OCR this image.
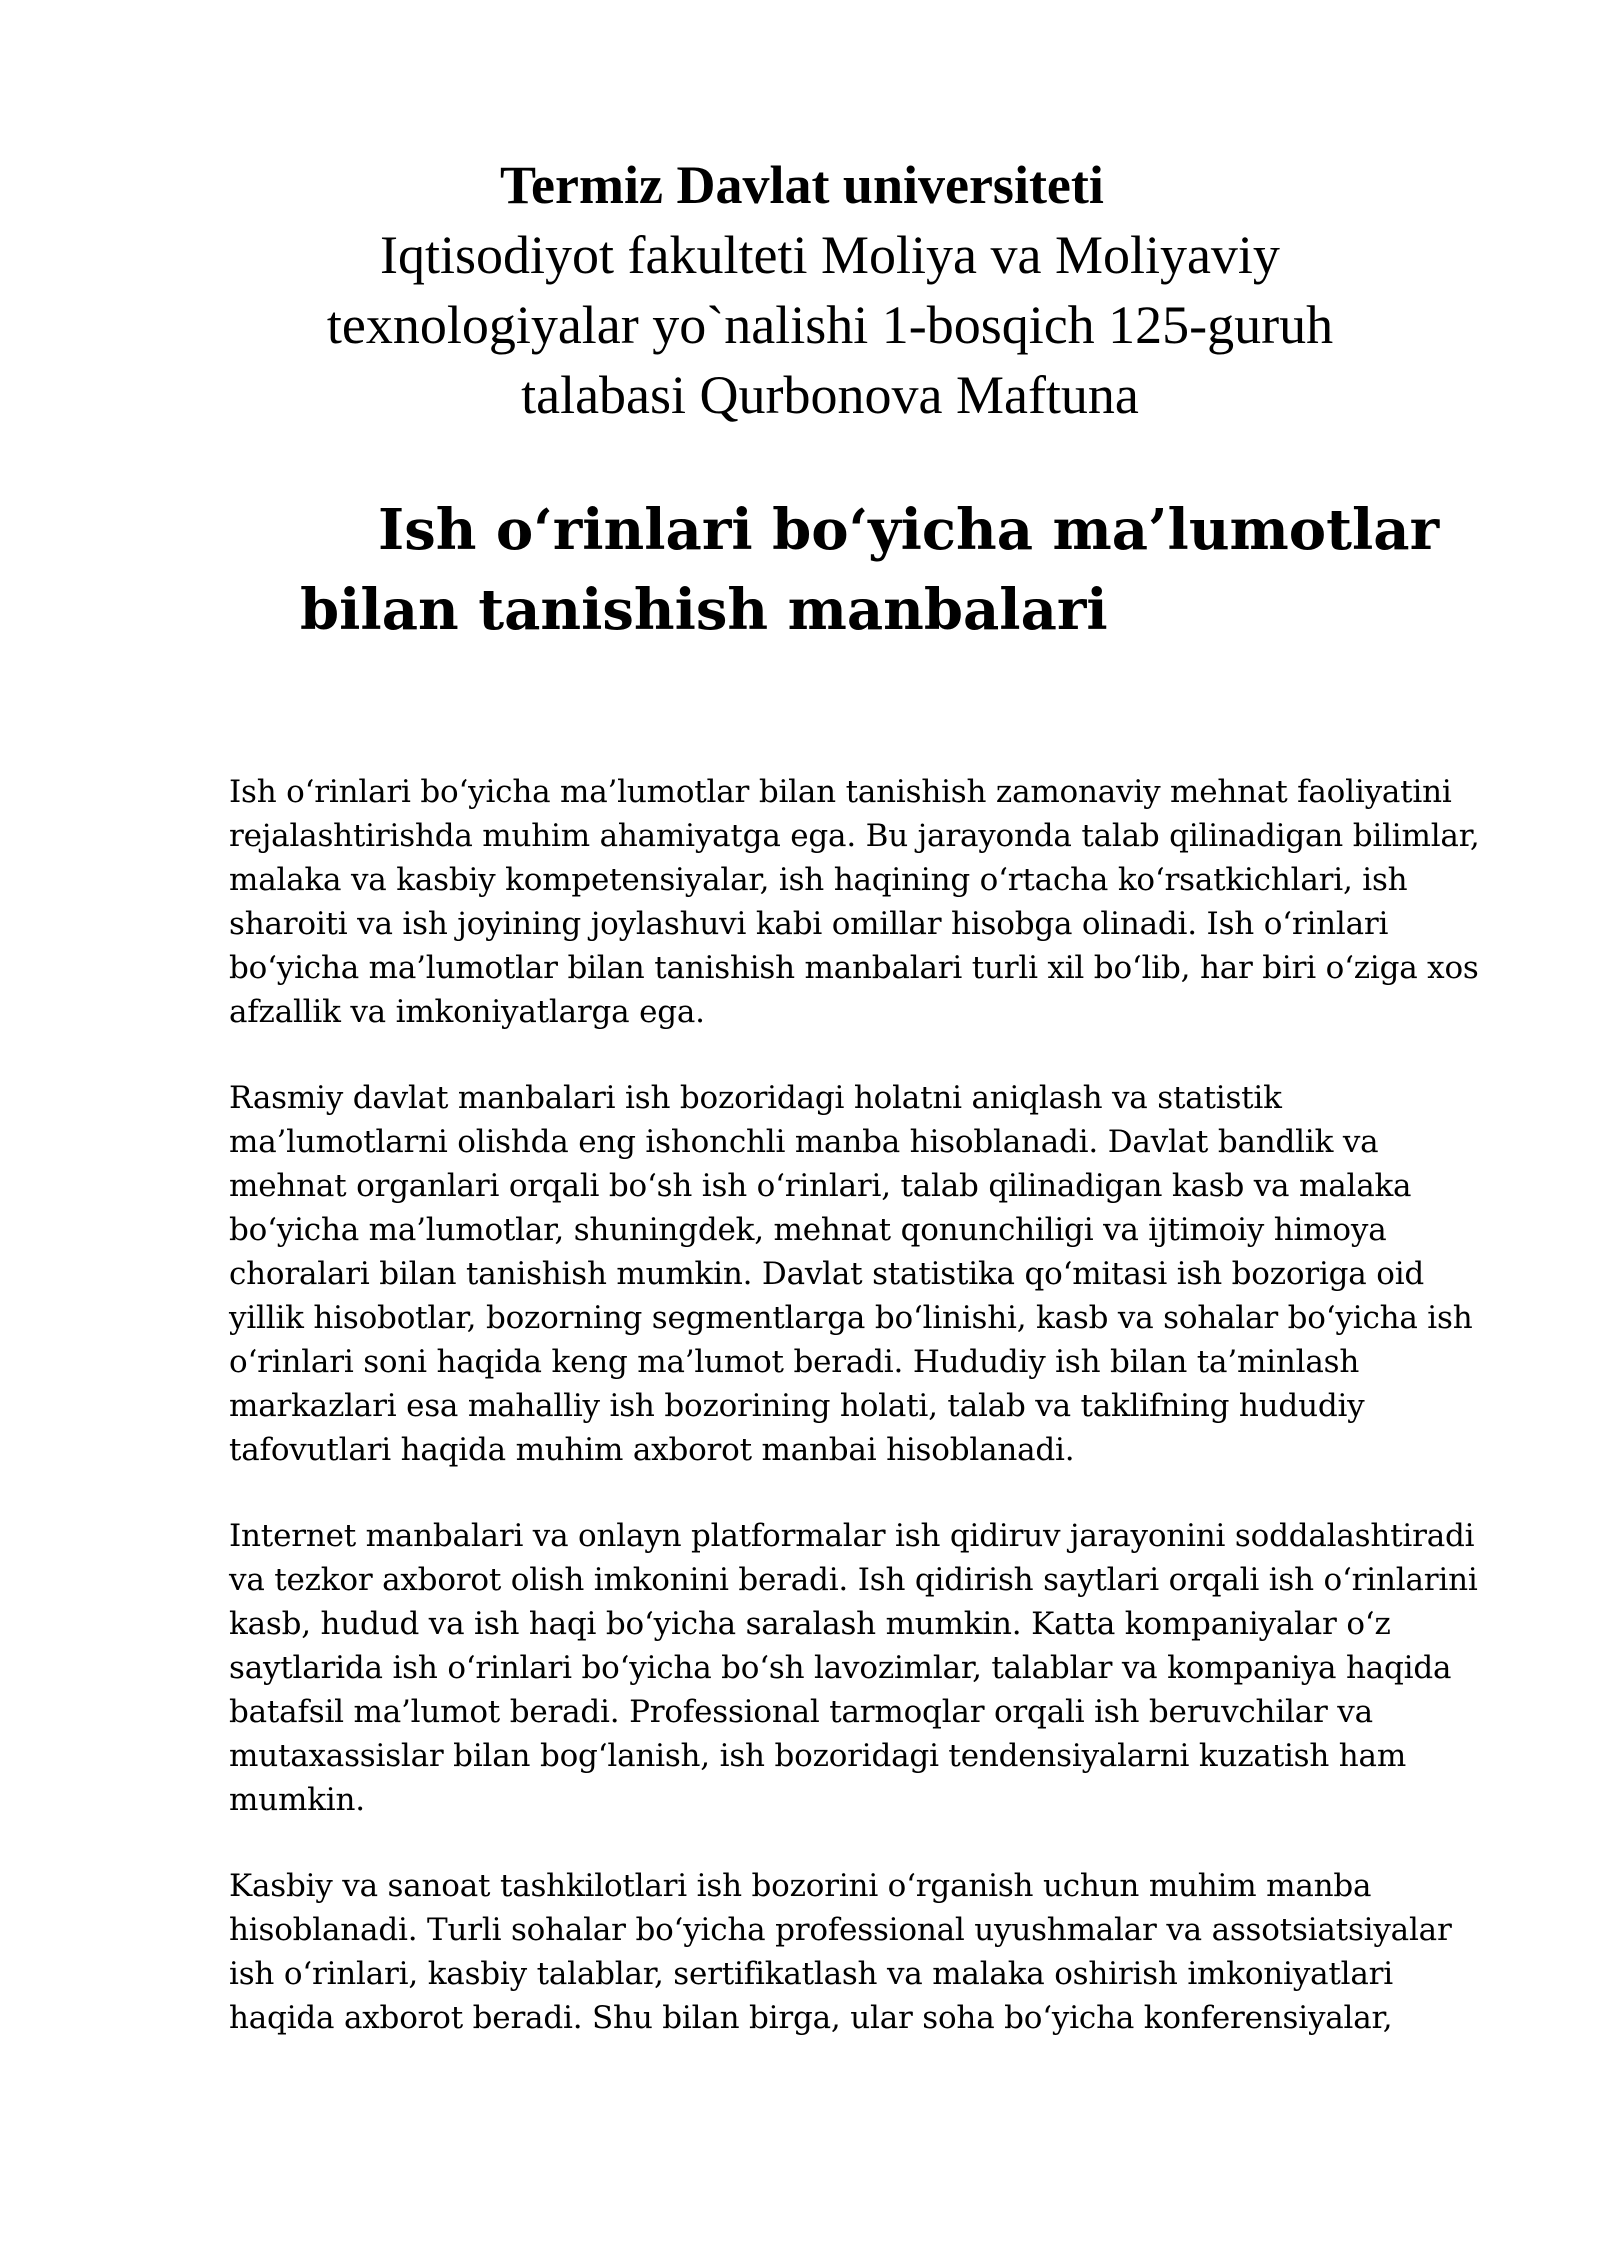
Termiz Davlat universiteti
Iqtisodiyot fakulteti Moliya va Moliyaviy
texnologiyalar yo`nalishi 1-bosqich 125-guruh
talabasi Qurbonova Maftuna
Ish o‘rinlari bo‘yicha ma’lumotlar
bilan tanishish manbalari

Ish o‘rinlari bo‘yicha ma’lumotlar bilan tanishish zamonaviy mehnat faoliyatini
rejalashtirishda muhim ahamiyatga ega. Bu jarayonda talab qilinadigan bilimlar,
malaka va kasbiy kompetensiyalar, ish haqining o‘rtacha ko‘rsatkichlari, ish
sharoiti va ish joyining joylashuvi kabi omillar hisobga olinadi. Ish o‘rinlari
bo‘yicha ma’lumotlar bilan tanishish manbalari turli xil bo‘lib, har biri o‘ziga xos
afzallik va imkoniyatlarga ega.

Rasmiy davlat manbalari ish bozoridagi holatni aniqlash va statistik
ma’lumotlarni olishda eng ishonchli manba hisoblanadi. Davlat bandlik va
mehnat organlari orqali bo‘sh ish o‘rinlari, talab qilinadigan kasb va malaka
bo‘yicha ma’lumotlar, shuningdek, mehnat qonunchiligi va ijtimoiy himoya
choralari bilan tanishish mumkin. Davlat statistika qo‘mitasi ish bozoriga oid
yillik hisobotlar, bozorning segmentlarga bo‘linishi, kasb va sohalar bo‘yicha ish
o‘rinlari soni haqida keng ma’lumot beradi. Hududiy ish bilan ta’minlash
markazlari esa mahalliy ish bozorining holati, talab va taklifning hududiy
tafovutlari haqida muhim axborot manbai hisoblanadi.

Internet manbalari va onlayn platformalar ish qidiruv jarayonini soddalashtiradi
va tezkor axborot olish imkonini beradi. Ish qidirish saytlari orqali ish o‘rinlarini
kasb, hudud va ish haqi bo‘yicha saralash mumkin. Katta kompaniyalar o‘z
saytlarida ish o‘rinlari bo‘yicha bo‘sh lavozimlar, talablar va kompaniya haqida
batafsil ma’lumot beradi. Professional tarmoqlar orqali ish beruvchilar va
mutaxassislar bilan bog‘lanish, ish bozoridagi tendensiyalarni kuzatish ham
mumkin.

Kasbiy va sanoat tashkilotlari ish bozorini o‘rganish uchun muhim manba
hisoblanadi. Turli sohalar bo‘yicha professional uyushmalar va assotsiatsiyalar
ish o‘rinlari, kasbiy talablar, sertifikatlash va malaka oshirish imkoniyatlari
haqida axborot beradi. Shu bilan birga, ular soha bo‘yicha konferensiyalar,
